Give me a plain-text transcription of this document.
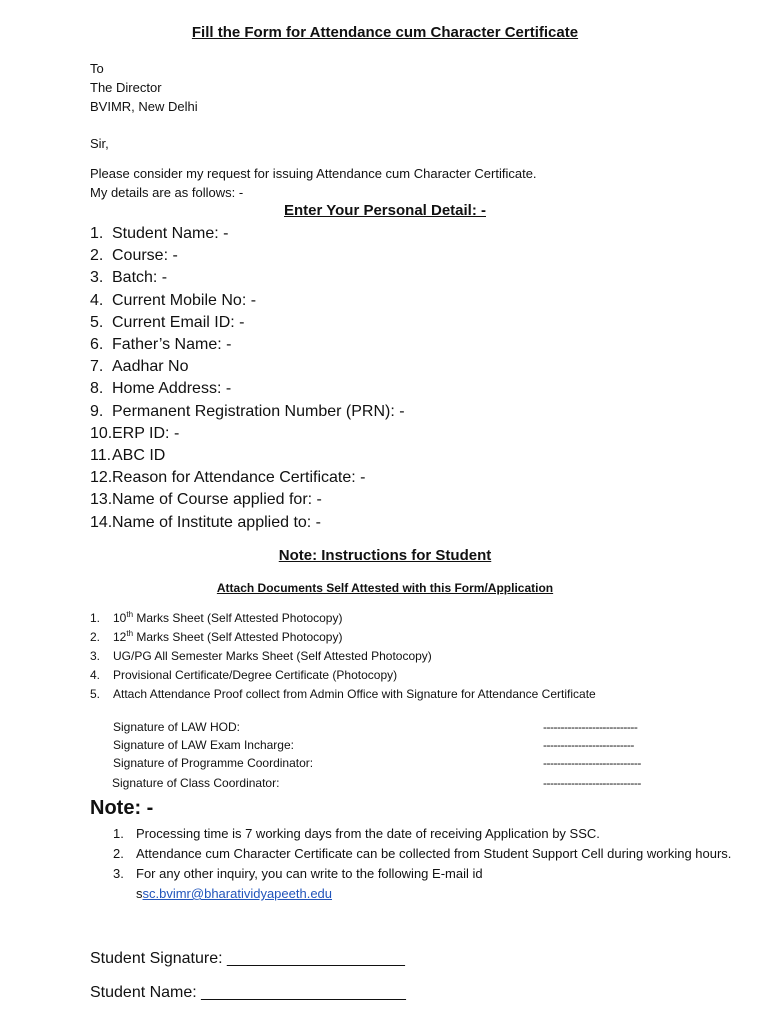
Fill the Form for Attendance cum Character Certificate
To
The Director
BVIMR, New Delhi
Sir,
Please consider my request for issuing Attendance cum Character Certificate.
My details are as follows: -
Enter Your Personal Detail: -
1. Student Name: -
2. Course: -
3. Batch: -
4. Current Mobile No: -
5. Current Email ID: -
6. Father’s Name: -
7. Aadhar No
8. Home Address: -
9. Permanent Registration Number (PRN): -
10.ERP ID: -
11.ABC ID
12.Reason for Attendance Certificate: -
13.Name of Course applied for: -
14.Name of Institute applied to: -
Note: Instructions for Student
Attach Documents Self Attested with this Form/Application
1. 10th Marks Sheet (Self Attested Photocopy)
2. 12th Marks Sheet (Self Attested Photocopy)
3. UG/PG All Semester Marks Sheet (Self Attested Photocopy)
4. Provisional Certificate/Degree Certificate (Photocopy)
5. Attach Attendance Proof collect from Admin Office with Signature for Attendance Certificate
Signature of LAW HOD:	---------------------------
Signature of LAW Exam Incharge:	--------------------------
Signature of Programme Coordinator:	----------------------------
Signature of Class Coordinator:	----------------------------
Note: -
1. Processing time is 7 working days from the date of receiving Application by SSC.
2. Attendance cum Character Certificate can be collected from Student Support Cell during working hours.
3. For any other inquiry, you can write to the following E-mail id
ssc.bvimr@bharatividyapeeth.edu
Student Signature: ____________________
Student Name: _______________________
